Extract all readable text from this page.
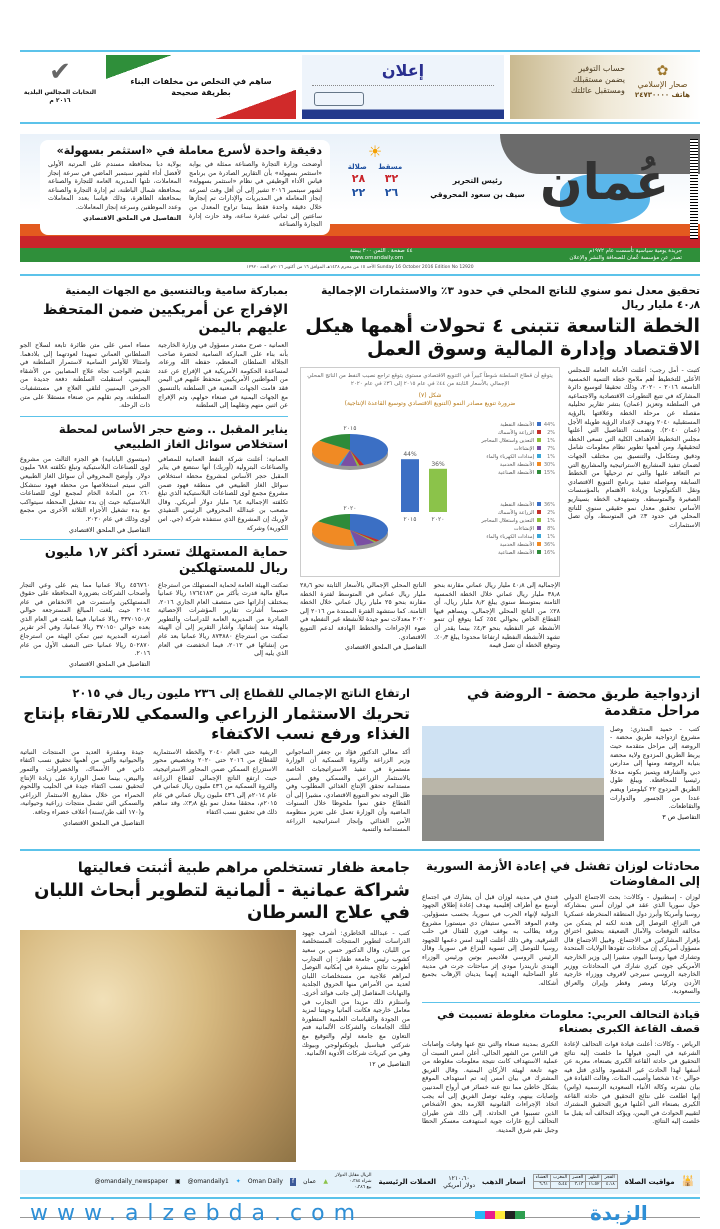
✔
التخابات المجالس البلدية
٢٠١٦ م
ساهم في التخلص من مخلفات البناء بطريقة صحيحة
إعلان	✿
صحار الإسلامي
هاتف ٢٤٧٣٠٠٠٠
حساب التوفير
يضمن مستقبلك
ومستقبل عائلتك
عُمان
جريدة يومية سياسية تأسست عام ١٩٧٢م
تصدر عن مؤسسة عُمان للصحافة والنشر والإعلان
٤٤ صفحة . الثمن ٢٠٠ بيسة
www.omandaily.om
رئيس التحرير
سيف بن سعود المحروقي
☀
صلالة مسقط
٢٨ ٣٢
٢٢ ٢٦
دقيقة واحدة لأسرع معاملة في «استثمر بسهولة»
أوضحت وزارة التجارة والصناعة ممثلة في بوابة «استثمر بسهولة» بأن التقارير الصادرة من برنامج قياس الأداء الوظيفي في نظام «استثمر بسهولة» لشهر سبتمبر ٢٠١٦ تشير إلى أن أقل وقت لسرعة إنجاز المعاملة في المديريات والإدارات تم إنجازها خلال دقيقة واحدة فقط بينما تراوح المعدل من ساعتين إلى ثماني عشرة ساعة، وقد حازت إدارة التجارة والصناعة
بولاية دبا بمحافظة مسندم على المرتبة الأولى لأفضل أداء لشهر سبتمبر الماضي في سرعة إنجاز المعاملات، تلتها المديرية العامة للتجارة والصناعة بمحافظة شمال الباطنة، ثم إدارة التجارة والصناعة بمحافظة الظاهرة، وذلك قياسا بعدد المعاملات وعدد الموظفين وسرعة إنجاز المعاملات.
التفاصيل في الملحق الاقتصادي
الأحد ١٥ من محرم ١٤٣٨هـ الموافق ١٦ من أكتوبر ٢٠١٦م العدد ١٢٩٢٠ Sunday 16 October 2016 Edition No 12920
تحقيق معدل نمو سنوي للناتج المحلي في حدود ٣٪ والاستثمارات الإجمالية ٤٠٫٨ مليار ريال
الخطة التاسعة تتبنى ٤ تحولات أهمها هيكل الاقتصاد وإدارة المالية وسوق العمل
كتبت - أمل رجب: أعلنت الأمانة العامة للمجلس الأعلى للتخطيط أهم ملامح خطة التنمية الخمسية التاسعة ٢٠١٦ - ٢٠٢٠، وذلك تحقيقا لتوسيع دائرة المشاركة في تتبع التطورات الاقتصادية والاجتماعية في السلطنة وتعزيز (عمان) بتشر تقارير تحليلية مفصلة عن مرحلة الخطة وعلاقتها بالرؤية المستقبلية ٢٠٤٠ وتهدف لإعداد الرؤية طويلة الأجل (عمان ٢٠٤٠). وتضمنت التفاصيل التي أعلنها مجلس التخطيط الأهداف الكلية التي تسعى الخطة لتحقيقها، ومن أهمها تطوير نظام معلومات شامل ودقيق ومتكامل، والتنسيق بين مختلف الجهات لضمان تنفيذ المشاريع الاستراتيجية والمشاريع التي تم التعاقد عليها والتي تم ترحيلها من الخطط السابقة ومواصلة تنفيذ برنامج التنويع الاقتصادي ونقل التكنولوجيا وزيادة الاهتمام بالمؤسسات الصغيرة والمتوسطة. وتستهدف الخطة بسيناريو الأساس تحقيق معدل نمو حقيقي سنوي للناتج المحلي في حدود ٣٪ في المتوسط، وأن تصل الاستثمارات
يتوقع أن قطاع السلطنة شوطاً كبيراً في التنويع الاقتصادي مستوى يتوقع تراجع نصيب النفط من الناتج المحلي الإجمالي بالأسعار الثابتة من ٤٤٪ في عام ٢٠١٥ إلى ٣٦٪ في عام ٢٠٢٠
شكل (٧)
ضرورة تنويع مصادر النمو (التنويع الاقتصادي وتوسيع القاعدة الإنتاجية)
٢٠١٥
٢٠٢٠
44%
٢٠١٥
36%
٢٠٢٠
الأنشطة النفطية 44%
الزراعة والأسماك	2%
التعدين واستغلال المحاجر	1%
الإنشاءات	7%
إمدادات الكهرباء والماء	1%
الأنشطة الخدمية 30%
الأنشطة الصناعية 15%
الأنشطة النفطية 36%
الزراعة والأسماك	2%
التعدين واستغلال المحاجر	1%
الإنشاءات	8%
إمدادات الكهرباء والماء	1%
الأنشطة الخدمية 36%
الأنشطة الصناعية 16%
الإجمالية إلى ٤٠٫٨ مليار ريال عماني مقارنة بنحو ٣٨٫٨ مليار ريال عماني خلال الخطة الخمسية الثامنة بمتوسط سنوي يبلغ ٨٫٢ مليار ريال، أي ٢٨٪ من الناتج المحلي الإجمالي، ويساهم فيها القطاع الخاص بحوالي ٥٤٪ كما يتوقع أن تنمو الأنشطة غير النفطية بنحو ٤٫٣٪ بينما يقدر أن تشهد الأنشطة النفطية ارتفاعا محدودا يبلغ ٠٫٣٪. وتتوقع الخطة أن تصل قيمة
الناتج المحلي الإجمالي بالأسعار الثابتة نحو ٢٨٫٦ مليار ريال عماني في المتوسط لفترة الخطة مقارنة بنحو ٢٥ مليار ريال عماني خلال الخطة الثامنة. كما ستشهد الفترة الممتدة من ٢٠١٦ إلى ٢٠٢٠ معدلات نمو جيدة للأنشطة غير النفطية في ضوء الإجراءات والخطط الهادفة لدعم التنويع الاقتصادي.
التفاصيل في الملحق الاقتصادي
بمباركة سامية وبالتنسيق مع الجهات اليمنية
الإفراج عن أمريكيين ضمن المتحفظ عليهم باليمن
العمانية - صرح مصدر مسؤول في وزارة الخارجية بأنه بناء على المباركة السامية لحضرة صاحب الجلالة السلطان المعظم، حفظه الله ورعاه، لمساعدة الحكومة الأمريكية في الإفراج عن عدد من المواطنين الأمريكيين متحفظ عليهم في اليمن فقد قامت الجهات المعنية في السلطنة بالتنسيق مع الجهات اليمنية في صنعاء حولهم، وتم الإفراج عن اثنين منهم ونقلهما إلى السلطنة
مساء امس على متن طائرة تابعة لسلاح الجو السلطاني العماني تمهيدا لعودتهما إلى بلادهما. وامتثالا للأوامر السامية لاستمرار السلطنة في تقديم الواجب تجاه علاج المصابين من الأشقاء اليمنيين، استقبلت السلطنة دفعة جديدة من الجرحى اليمنيين لتلقي العلاج في مستشفيات السلطنة، وتم نقلهم من صنعاء مستقلا على متن ذات الرحلة.
يناير المقبل .. وضع حجر الأساس لمحطة استخلاص سوائل الغاز الطبيعي
العمانية: أعلنت شركة النفط العمانية للمصافي والصناعات البترولية (أوربك) أنها ستضع في يناير المقبل حجر الأساس لمشروع محطة استخلاص سوائل الغاز الطبيعي في منطقة فهود ضمن مشروع مجمع لوى للصناعات البلاستيكية الذي تبلغ تكلفته الإجمالية ٦٫٤ مليار دولار أمريكي. وقال مصعب بن عبدالله المحروقي الرئيس التنفيذي لأوربك إن المشروع الذي ستنفذه شركة (جي. اس الكورية) وشركة
(ميتسوي اليابانية) هو الجزء الثالث من مشروع لوى للصناعات البلاستيكية وتبلغ تكلفته ٦٨٨ مليون دولار. وأوضح المحروقي أن سوائل الغاز الطبيعي التي سيتم استخلاصها من محطة فهود ستشكل ٦٠٪ من المادة الخام لمجمع لوى للصناعات البلاستيكية حيث إن بدء تشغيل المحطة سيتواكب مع بدء تشغيل الأجزاء الثلاثة الأخرى من مجمع لوى وذلك في عام ٢٠٢٠.
التفاصيل في الملحق الاقتصادي
حماية المستهلك تسترد أكثر ١٫٧ مليون ريال للمستهلكين
تمكنت الهيئة العامة لحماية المستهلك من استرجاع مبالغ مالية قدرت بأكثر من ١٧٦٤١٨٣ ريالا عمانيا بمختلف إداراتها حتى منتصف العام الجاري ٢٠١٦، حسبما أشارت تقارير المؤشرات الإحصائية الصادرة من المديرية العامة للدراسات والتطوير بالهيئة منذ إنشائها. وأشار التقرير إلى أن الهيئة تمكنت من استرجاع ٨٧٣٨٨٠ ريالا عمانيا بعد عام من إنشائها في ٢٠١٢، فيما انخفضت في العام الذي يليه إلى
٤٥٦٧٦٠ ريالا عمانيا مما يتم على وعي التجار وأصحاب الشركات بضرورة المحافظة على حقوق المستهلكين واستمرت في الانخفاض في عام ٢٠١٤ حيث بلغت المبالغ المسترجعة حوالي ٣٣٧٠١٥٠٫٧ ريالا عمانيا، فيما بلغت في العام الذي بعده حوالي ٣٧٠١٥٠ ريالا عمانيا، وفي آخر تقرير أصدرته المديرية تبين تمكن الهيئة من استرجاع ٥٠٢٨٧٠ ريالا عمانيا حتى النصف الأول من عام ٢٠١٦.
التفاصيل في الملحق الاقتصادي
ازدواجية طريق محضة - الروضة في مراحل متقدمة
كتب - حميد المنذري: وصل مشروع ازدواجية طريق محضة - الروضة إلى مراحل متقدمة حيث يربط الطريق المزدوج ولاية محضة بنيابة الروضة ومنها إلى مدارس دبي والشارقة ويتميز بكونه مدخلا رئيسيا للمحافظة. ويبلغ طول الطريق المزدوج ٢٢ كيلومترا ويضم عددا من الجسور والدوارات والتقاطعات.
التفاصيل ص ٣
ارتفاع الناتج الإجمالي للقطاع إلى ٢٣٦ مليون ريال في ٢٠١٥
تحريك الاستثمار الزراعي والسمكي للارتقاء بإنتاج الغذاء ورفع نسب الاكتفاء
أكد معالي الدكتور فؤاد بن جعفر الساجواني وزير الزراعة والثروة السمكية أن الوزارة مستمرة في تنفيذ الاستراتيجيات الخاصة بالاستثمار الزراعي والسمكي وفق أسس مستدامة تحقق الإنتاج الغذائي المطلوب وفي ظل التوجه نحو التنويع الاقتصادي، مشيرا إلى أن القطاع حقق نموا ملحوظا خلال السنوات الماضية وأن الوزارة تعمل على تعزيز منظومة الأمن الغذائي وإنجاز استراتيجية الزراعة المستدامة والتنمية
الريفية حتى العام ٢٠٤٠ والخطة الاستثمارية للقطاع من ٢٠١٦ حتى ٢٠٢٠ وتخصيص محور الاستزراع السمكي ضمن المحاور الاستراتيجية، حيث ارتفع الناتج الإجمالي لقطاع الزراعة والثروة السمكية من ٤٣٦ مليون ريال عماني في عام ٢٠١٤م إلى ٤٣٦ مليون ريال عماني في عام ٢٠١٥م، محققا معدل نمو بلغ ٣٫٨٪، وقد ساهم ذلك في تحقيق نسب اكتفاء
جيدة ومقدرة العديد من المنتجات النباتية والحيوانية والتي من أهمها تحقيق نسب اكتفاء ذاتي في الأسماك، والخضراوات والتمور والبيض، بينما تعمل الوزارة على زيادة الإنتاج لتحقيق نسب اكتفاء جيدة في الحليب واللحوم الحمراء من خلال مشاريع الاستثمار الزراعي والسمكي التي تشمل منتجات زراعية وحيوانية، و(١٧٠ ألف طن/سنة) أعلاف خضراء وجافة.
التفاصيل في الملحق الاقتصادي
محادثات لوزان تفشل في إعادة الأزمة السورية إلى المفاوضات
لوزان - إسطنبول - وكالات: بحث الاجتماع الدولي حول سوريا الذي عقد في لوزان أمس بمشاركة روسيا وأمريكا وأبرز دول المنطقة المنخرطة عسكريا في النزاع، التوصل إلى هدنة لكنه لم يتمكن من مخالفة التوقعات والآمال الضعيفة بتحقيق اختراق بإقرار المشاركين في الاجتماع. وقبيل الاجتماع قال مسؤول أمريكي إن محادثات تقودها الولايات المتحدة وتشارك فيها روسيا اليوم، مشيرا إلى وزير الخارجية الأمريكي جون كيري شارك في المحادثات ووزير الخارجية الروسي سيرجي لافروف ووزراء خارجية الأردن وتركيا ومصر وقطر وإيران والعراق والسعودية.
فندق في مدينة لوزان قبل أن يشارك في اجتماع أوسع مع أطراف إقليمية بهدف إعادة إطلاق الجهود الدولية لإنهاء الحرب في سوريا، بحسب مسؤولين. وقدم الموفد الأممي ستيفان دي ميستورا مشروع ورقة يطالب به بوقف فوري للقتال في حلب الشرقية. وفي ذلك أعلنت الهند امس دعمها للجهود روسيا للتوصل إلى تسوية للنزاع في سوريا. وقال الرئيس الروسي فلاديمير بوتين ورئيس الوزراء الهندي ناريندرا مودي إثر مباحثات جرت في مدينة غاو الساحلية الهندية إنهما يدينان الإرهاب بجميع أشكاله.
قيادة التحالف العربي: معلومات مغلوطة تسببت في قصف القاعة الكبرى بصنعاء
الرياض - وكالات: أعلنت قيادة قوات التحالف لإعادة الشرعية في اليمن قبولها ما خلصت إليه نتائج التحقيق في حادثة القاعة الكبرى بصنعاء، معربة عن أسفها لهذا الحادث غير المقصود والذي قتل فيه حوالي ١٤٠ شخصا وأصيب المئات. وقالت القيادة في بيان نشرته وكالة الأنباء السعودية الرسمية (واس) إنها اطلعت على نتائج التحقيق في حادثة القاعة الكبرى بصنعاء التي أعلنها فريق التحقيق المشترك لتقييم الحوادث في اليمن، ويؤكد التحالف أنه يقبل ما خلصت إليه النتائج.
الكبرى بمدينة صنعاء والتي نتج عنها وفيات وإصابات في الثامن من الشهر الحالي. أعلن امس السبت أن عملية الاستهداف كانت نتيجة معلومات مغلوطة من جهة تابعة لهيئة الأركان اليمنية. وقال الفريق المشترك في بيان امس إنه تم استهداف الموقع بشكل خاطئ مما نتج عنه خسائر في أرواح المدنيين وإصابات بينهم، وعليه توصل الفريق إلى أنه يجب اتخاذ الإجراءات القانونية اللازمة بحق الأشخاص الذين تسببوا في الحادثة. إلى ذلك شن طيران التحالف أربع غارات جوية استهدفت معسكر الحظا وجبل نقم شرق المدينة.
جامعة ظفار تستخلص مراهم طبية أثبتت فعاليتها
شراكة عمانية - ألمانية لتطوير أبحاث اللبان في علاج السرطان
كتب - عبدالله الخاطري: أشرف جهود الدراسات لتطوير المنتجات المستخلصة من اللبان، وقال الدكتور حسن بن سعيد كشوب رئيس جامعة ظفار: إن التجارب أظهرت نتائج مبشرة في إمكانية التوصل لمراهم علاجية من مستخلصات اللبان لعديد من الأمراض منها الحروق الجلدية والتهابات المفاصل إلى جانب فوائد أخرى. واستلزم ذلك مزيدا من التجارب في معامل خارجية فكانت ألمانيا وجهتنا لمزيد من الجودة والقياسات العلمية المتطورة لتلك الجامعات والشركات الألمانية فتم التعاون مع جامعة اولم والتوقيع مع شركتي فيتاسيل بايوتكنولوجي وبيوتك وهي من كبريات شركات الأدوية الألمانية.
التفاصيل ص ١٢
🕌
مواقيت الصلاة
الفجر	الظهر	العصر	المغرب	العشاء
٤،١٨	١١،٥٢	٣،١٣	٥،٤٤	٦،٦١
أسعار الذهب
١٢١٠،٦٠
دولار أمريكي
العملات الرئيسية
الريال مقابل الدولار
شراء ٠،٣٨٤
بيع ٠،٣٨٦
▲
عمان
f
Oman Daily
✦
@omandaily1
▣
@omandaily_newspaper
www.alzebda.com	الزبدة
